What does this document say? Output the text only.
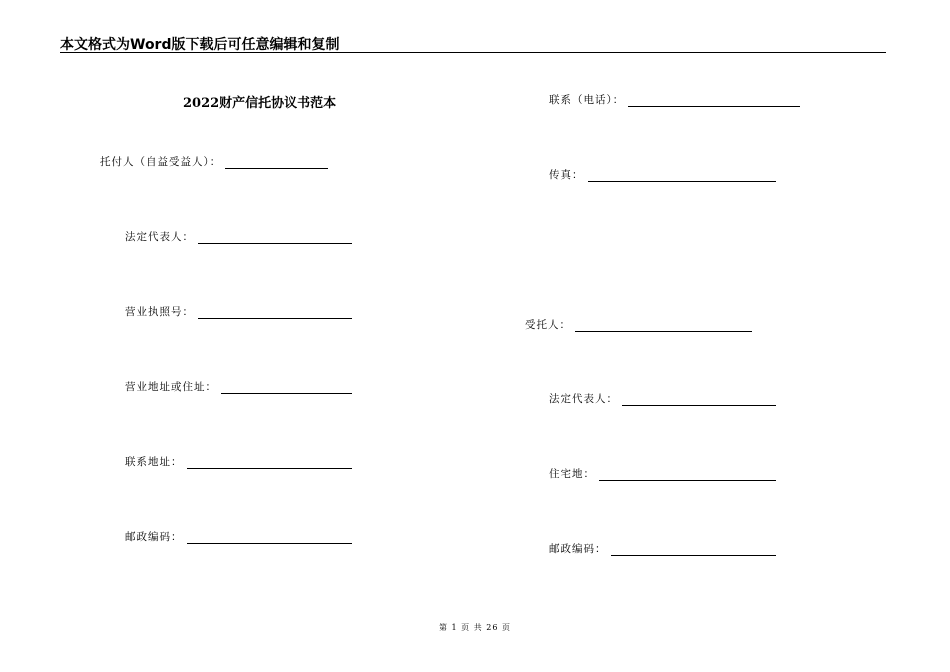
本文格式为Word版下载后可任意编辑和复制
2022财产信托协议书范本
托付人（自益受益人）：
法定代表人：
营业执照号：
营业地址或住址：
联系地址：
邮政编码：
联系（电话）：
传真：
受托人：
法定代表人：
住宅地：
邮政编码：
第 1 页 共 26 页
